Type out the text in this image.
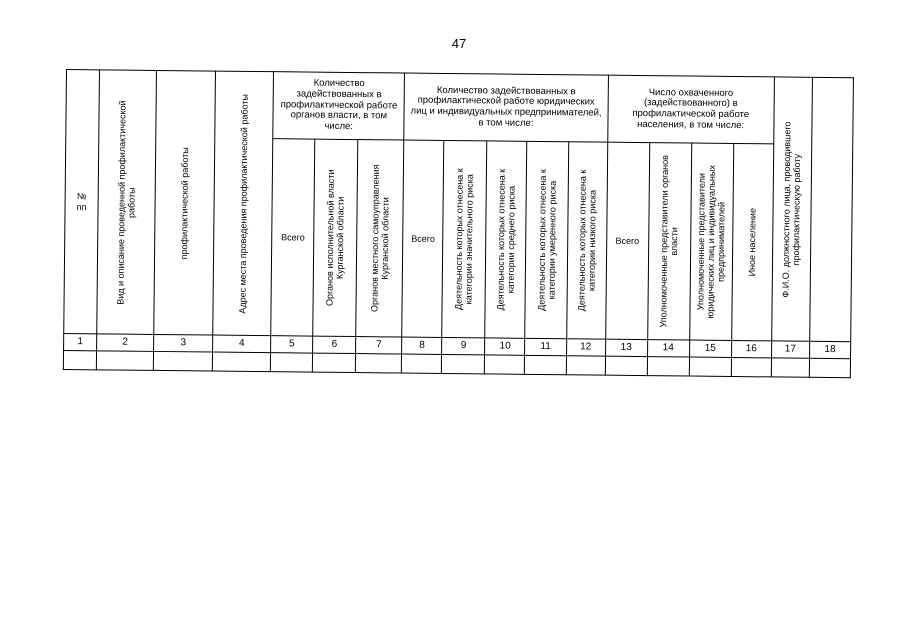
47
№
пп	Вид и описание проведенной профилактической работы	профилактической работы	Адрес места проведения профилактической работы	Количество задействованных в профилактической работе органов власти, в том числе:			Количество задействованных в профилактической работе юридических лиц и индивидуальных предпринимателей, в том числе:					Число охваченного (задействованного) в профилактической работе населения, в том числе:				Ф.И.О. должностного лица, проводившего профилактическую работу	

				Всего	Органов исполнительной власти Курганской области	Органов местного самоуправления Курганской области	Всего	Деятельность которых отнесена к категории значительного риска	Деятельность которых отнесена к категории среднего риска	Деятельность которых отнесена к категории умеренного риска	Деятельность которых отнесена к категории низкого риска	Всего	Уполномоченные представители органов власти	Уполномоченные представители юридических лиц и индивидуальных предпринимателей	Иное население		

1	2	3	4	5	6	7	8	9	10	11	12	13	14	15	16	17	18
